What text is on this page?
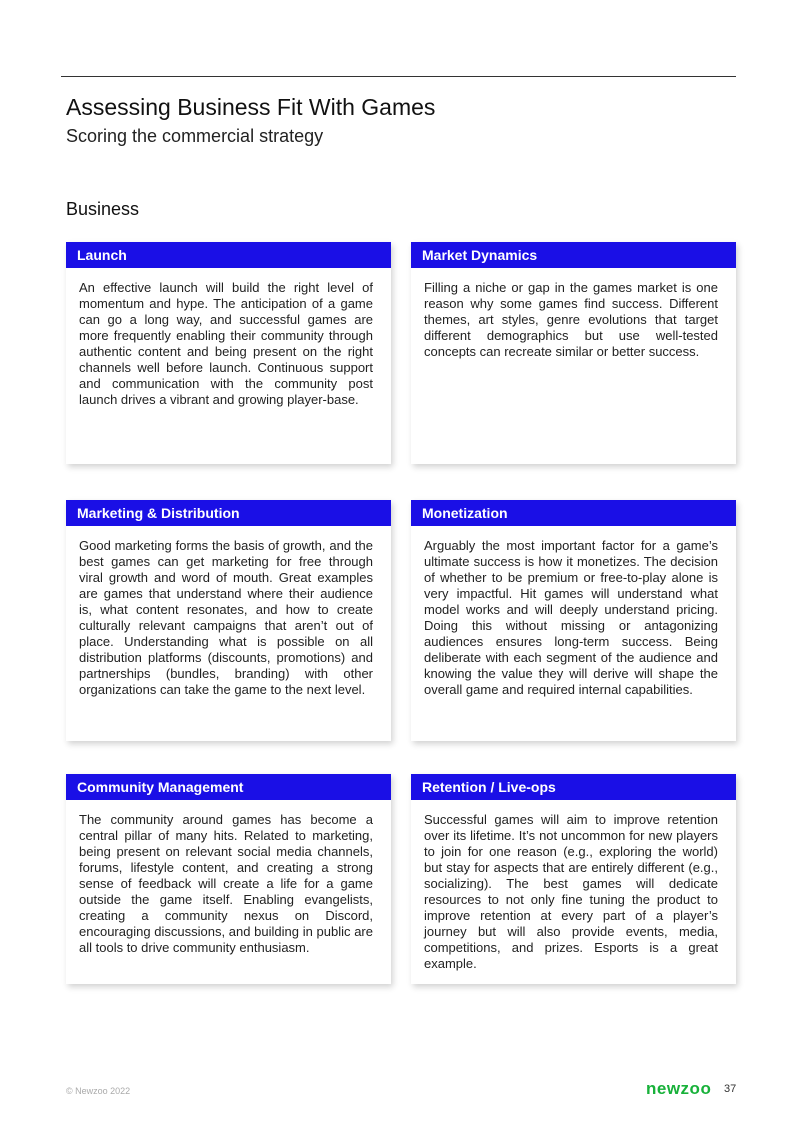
Assessing Business Fit With Games
Scoring the commercial strategy
Business
Launch
An effective launch will build the right level of momentum and hype. The anticipation of a game can go a long way, and successful games are more frequently enabling their community through authentic content and being present on the right channels well before launch. Continuous support and communication with the community post launch drives a vibrant and growing player-base.
Market Dynamics
Filling a niche or gap in the games market is one reason why some games find success. Different themes, art styles, genre evolutions that target different demographics but use well-tested concepts can recreate similar or better success.
Marketing & Distribution
Good marketing forms the basis of growth, and the best games can get marketing for free through viral growth and word of mouth. Great examples are games that understand where their audience is, what content resonates, and how to create culturally relevant campaigns that aren’t out of place. Understanding what is possible on all distribution platforms (discounts, promotions) and partnerships (bundles, branding) with other organizations can take the game to the next level.
Monetization
Arguably the most important factor for a game’s ultimate success is how it monetizes. The decision of whether to be premium or free-to-play alone is very impactful. Hit games will understand what model works and will deeply understand pricing. Doing this without missing or antagonizing audiences ensures long-term success. Being deliberate with each segment of the audience and knowing the value they will derive will shape the overall game and required internal capabilities.
Community Management
The community around games has become a central pillar of many hits. Related to marketing, being present on relevant social media channels, forums, lifestyle content, and creating a strong sense of feedback will create a life for a game outside the game itself. Enabling evangelists, creating a community nexus on Discord, encouraging discussions, and building in public are all tools to drive community enthusiasm.
Retention / Live-ops
Successful games will aim to improve retention over its lifetime. It’s not uncommon for new players to join for one reason (e.g., exploring the world) but stay for aspects that are entirely different (e.g., socializing). The best games will dedicate resources to not only fine tuning the product to improve retention at every part of a player’s journey but will also provide events, media, competitions, and prizes. Esports is a great example.
© Newzoo 2022	newzoo 37
